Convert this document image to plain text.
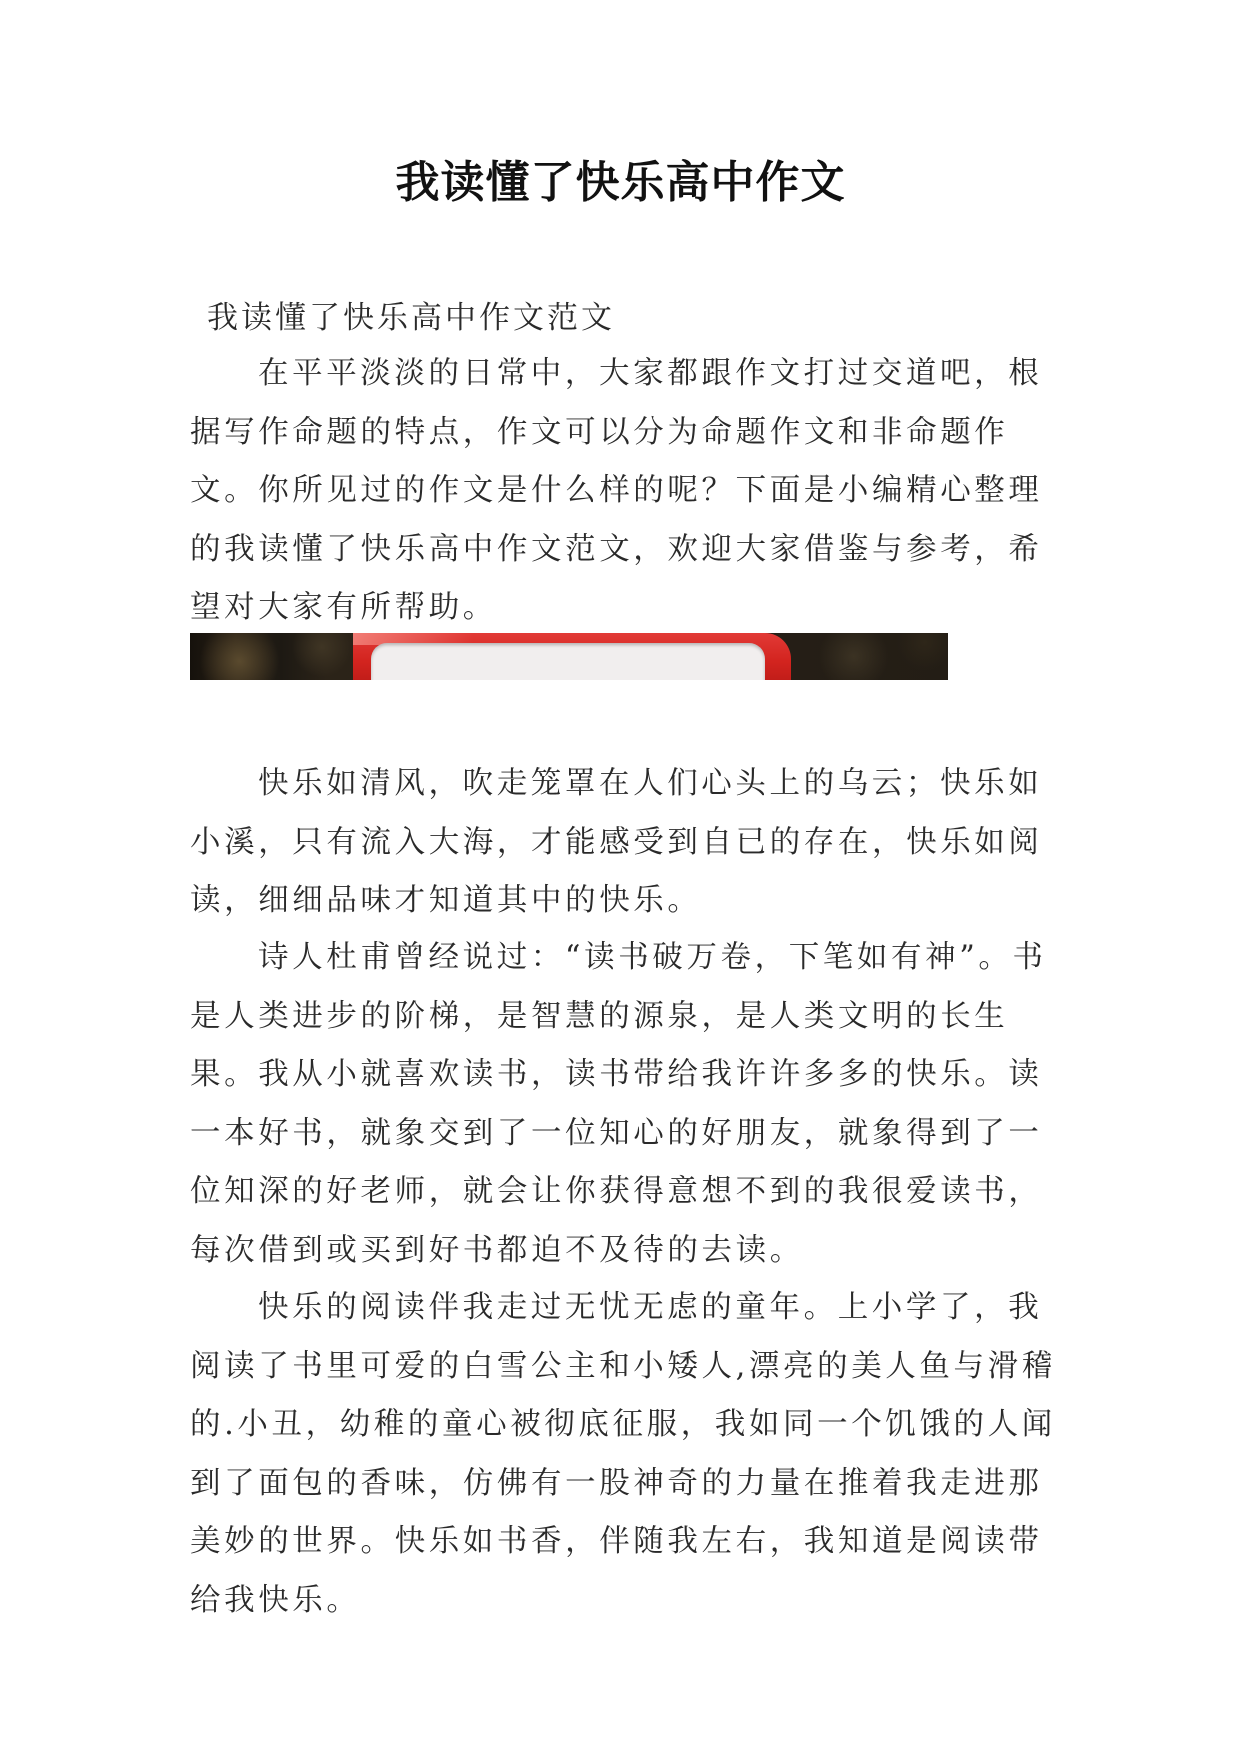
我读懂了快乐高中作文
我读懂了快乐高中作文范文

在平平淡淡的日常中，大家都跟作文打过交道吧，根据写作命题的特点，作文可以分为命题作文和非命题作文。你所见过的作文是什么样的呢？下面是小编精心整理的我读懂了快乐高中作文范文，欢迎大家借鉴与参考，希望对大家有所帮助。

快乐如清风，吹走笼罩在人们心头上的乌云；快乐如小溪，只有流入大海，才能感受到自已的存在，快乐如阅读，细细品味才知道其中的快乐。

诗人杜甫曾经说过：“读书破万卷，下笔如有神”。书是人类进步的阶梯，是智慧的源泉，是人类文明的长生果。我从小就喜欢读书，读书带给我许许多多的快乐。读一本好书，就象交到了一位知心的好朋友，就象得到了一位知深的好老师，就会让你获得意想不到的我很爱读书，每次借到或买到好书都迫不及待的去读。

快乐的阅读伴我走过无忧无虑的童年。上小学了，我阅读了书里可爱的白雪公主和小矮人,漂亮的美人鱼与滑稽的.小丑，幼稚的童心被彻底征服，我如同一个饥饿的人闻到了面包的香味，仿佛有一股神奇的力量在推着我走进那美妙的世界。快乐如书香，伴随我左右，我知道是阅读带给我快乐。
